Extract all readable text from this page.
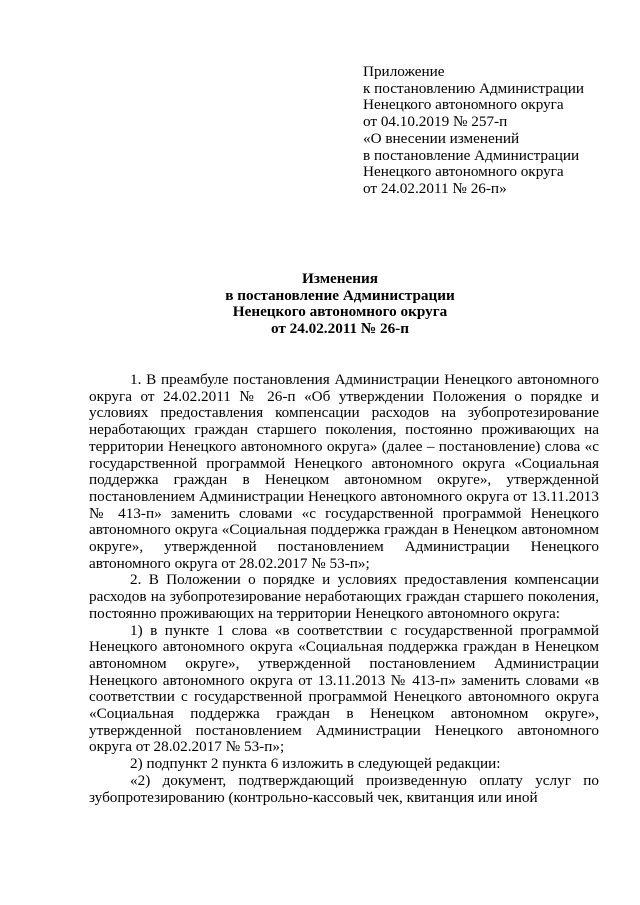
Приложение
к постановлению Администрации
Ненецкого автономного округа
от 04.10.2019 № 257-п
«О внесении изменений
в постановление Администрации
Ненецкого автономного округа
от 24.02.2011 № 26-п»
Изменения
в постановление Администрации
Ненецкого автономного округа
от 24.02.2011 № 26-п

1. В преамбуле постановления Администрации Ненецкого автономного округа от 24.02.2011 № 26-п «Об утверждении Положения о порядке и условиях предоставления компенсации расходов на зубопротезирование неработающих граждан старшего поколения, постоянно проживающих на территории Ненецкого автономного округа» (далее – постановление) слова «с государственной программой Ненецкого автономного округа «Социальная поддержка граждан в Ненецком автономном округе», утвержденной постановлением Администрации Ненецкого автономного округа от 13.11.2013 № 413-п» заменить словами «с государственной программой Ненецкого автономного округа «Социальная поддержка граждан в Ненецком автономном округе», утвержденной постановлением Администрации Ненецкого автономного округа от 28.02.2017 № 53-п»;

2. В Положении о порядке и условиях предоставления компенсации расходов на зубопротезирование неработающих граждан старшего поколения, постоянно проживающих на территории Ненецкого автономного округа:

1) в пункте 1 слова «в соответствии с государственной программой Ненецкого автономного округа «Социальная поддержка граждан в Ненецком автономном округе», утвержденной постановлением Администрации Ненецкого автономного округа от 13.11.2013 № 413-п» заменить словами «в соответствии с государственной программой Ненецкого автономного округа «Социальная поддержка граждан в Ненецком автономном округе», утвержденной постановлением Администрации Ненецкого автономного округа от 28.02.2017 № 53-п»;

2) подпункт 2 пункта 6 изложить в следующей редакции:

«2) документ, подтверждающий произведенную оплату услуг по зубопротезированию (контрольно-кассовый чек, квитанция или иной
